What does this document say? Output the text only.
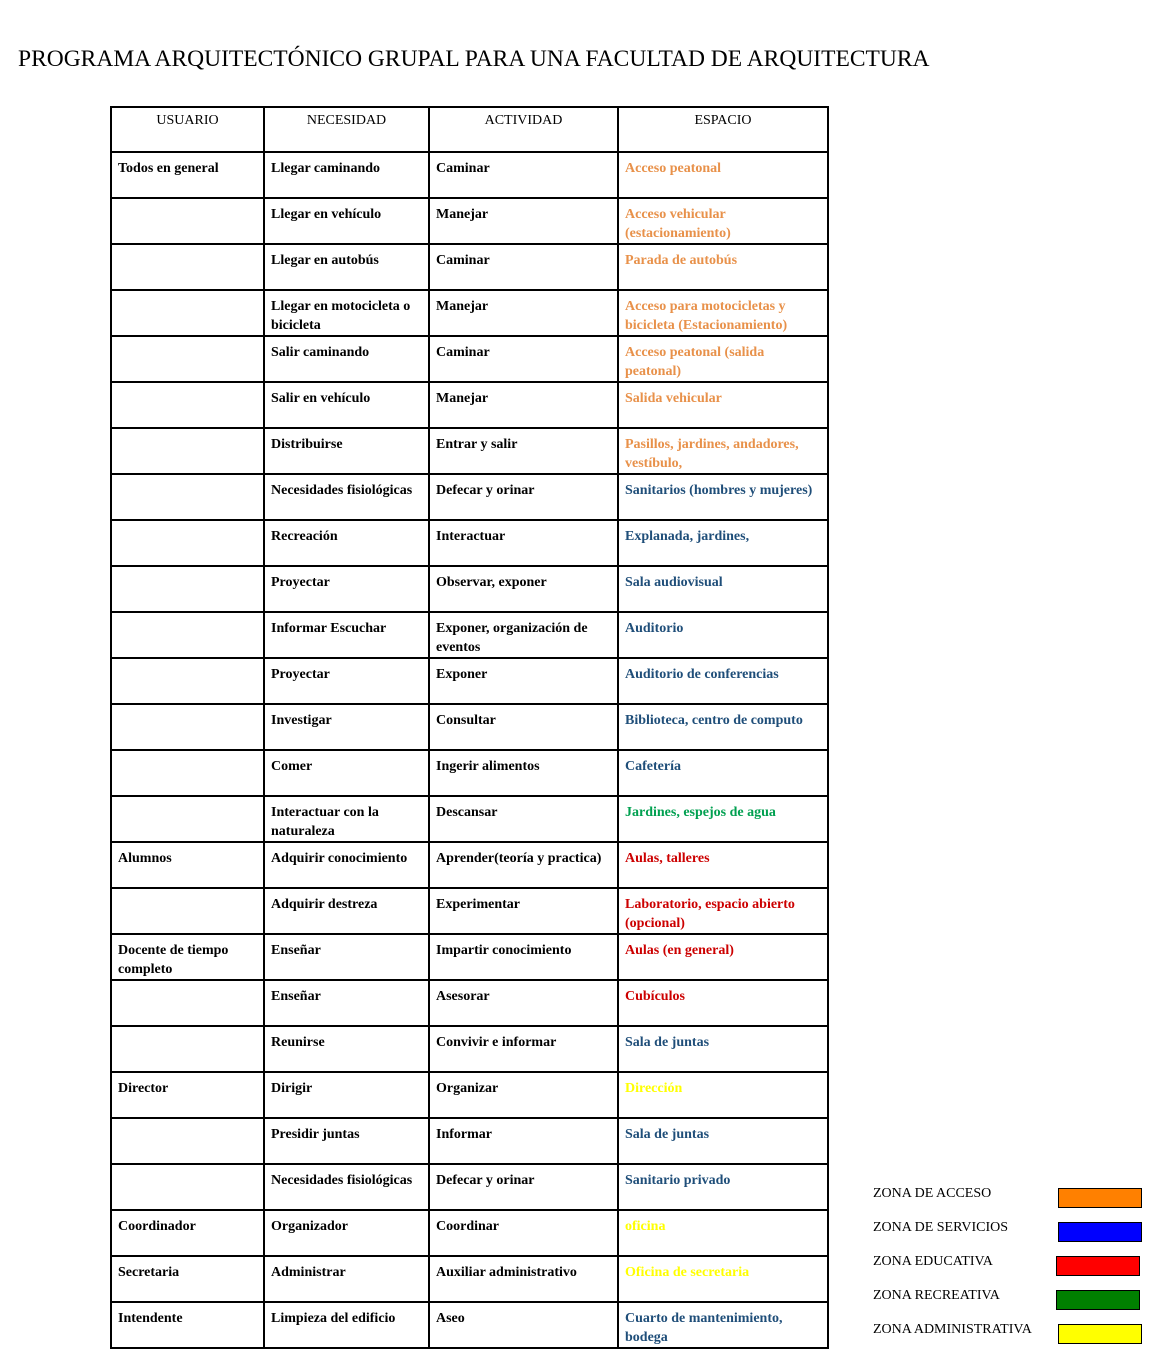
PROGRAMA ARQUITECTÓNICO GRUPAL PARA UNA FACULTAD DE ARQUITECTURA
USUARIO	NECESIDAD	ACTIVIDAD	ESPACIO
Todos en general	Llegar caminando	Caminar	Acceso peatonal
	Llegar en vehículo	Manejar	Acceso vehicular (estacionamiento)
	Llegar en autobús	Caminar	Parada de autobús
	Llegar en motocicleta o bicicleta	Manejar	Acceso para motocicletas y bicicleta (Estacionamiento)
	Salir caminando	Caminar	Acceso peatonal (salida peatonal)
	Salir en vehículo	Manejar	Salida vehicular
	Distribuirse	Entrar y salir	Pasillos, jardines, andadores, vestíbulo,
	Necesidades fisiológicas	Defecar y orinar	Sanitarios (hombres y mujeres)
	Recreación	Interactuar	Explanada, jardines,
	Proyectar	Observar, exponer	Sala audiovisual
	Informar Escuchar	Exponer, organización de eventos	Auditorio
	Proyectar	Exponer	Auditorio de conferencias
	Investigar	Consultar	Biblioteca, centro de computo
	Comer	Ingerir alimentos	Cafetería
	Interactuar con la naturaleza	Descansar	Jardines, espejos de agua
Alumnos	Adquirir conocimiento	Aprender(teoría y practica)	Aulas, talleres
	Adquirir destreza	Experimentar	Laboratorio, espacio abierto (opcional)
Docente de tiempo completo	Enseñar	Impartir conocimiento	Aulas (en general)
	Enseñar	Asesorar	Cubículos
	Reunirse	Convivir e informar	Sala de juntas
Director	Dirigir	Organizar	Dirección
	Presidir juntas	Informar	Sala de juntas
	Necesidades fisiológicas	Defecar y orinar	Sanitario privado
Coordinador	Organizador	Coordinar	oficina
Secretaria	Administrar	Auxiliar administrativo	Oficina de secretaria
Intendente	Limpieza del edificio	Aseo	Cuarto de mantenimiento, bodega
ZONA DE ACCESO
ZONA DE SERVICIOS
ZONA EDUCATIVA
ZONA RECREATIVA
ZONA ADMINISTRATIVA
